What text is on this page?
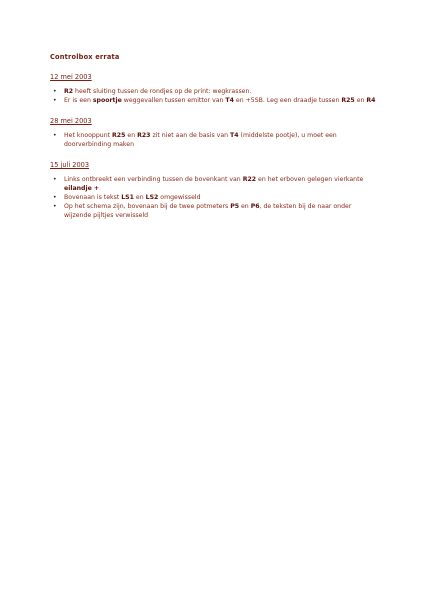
Controlbox errata
12 mei 2003
• R2 heeft sluiting tussen de rondjes op de print: wegkrassen.
• Er is een spoortje weggevallen tussen emittor van T4 en +5SB. Leg een draadje tussen R25 en R4
28 mei 2003
• Het knooppunt R25 en R23 zit niet aan de basis van T4 (middelste pootje), u moet een doorverbinding maken
15 juli 2003
• Links ontbreekt een verbinding tussen de bovenkant van R22 en het erboven gelegen vierkante eilandje +
• Bovenaan is tekst LS1 en LS2 omgewisseld
• Op het schema zijn, bovenaan bij de twee potmeters P5 en P6, de teksten bij de naar onder wijzende pijltjes verwisseld
